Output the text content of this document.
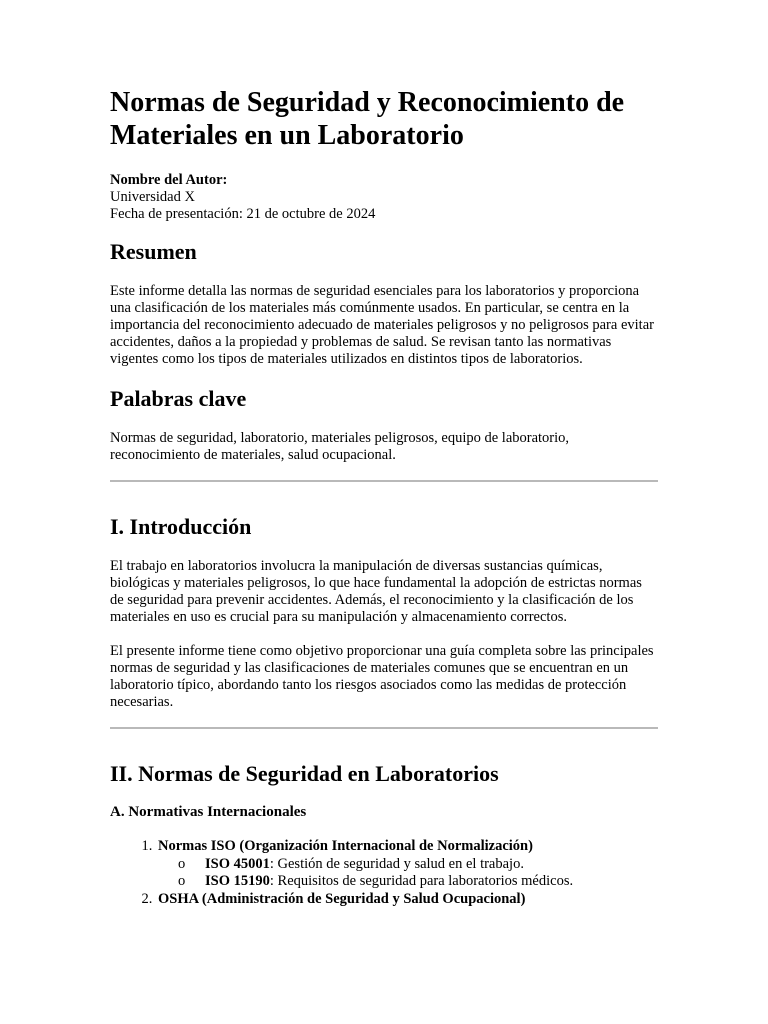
Normas de Seguridad y Reconocimiento de Materiales en un Laboratorio
Nombre del Autor:
Universidad X
Fecha de presentación: 21 de octubre de 2024
Resumen

Este informe detalla las normas de seguridad esenciales para los laboratorios y proporciona una clasificación de los materiales más comúnmente usados. En particular, se centra en la importancia del reconocimiento adecuado de materiales peligrosos y no peligrosos para evitar accidentes, daños a la propiedad y problemas de salud. Se revisan tanto las normativas vigentes como los tipos de materiales utilizados en distintos tipos de laboratorios.

Palabras clave

Normas de seguridad, laboratorio, materiales peligrosos, equipo de laboratorio, reconocimiento de materiales, salud ocupacional.

I. Introducción

El trabajo en laboratorios involucra la manipulación de diversas sustancias químicas, biológicas y materiales peligrosos, lo que hace fundamental la adopción de estrictas normas de seguridad para prevenir accidentes. Además, el reconocimiento y la clasificación de los materiales en uso es crucial para su manipulación y almacenamiento correctos.

El presente informe tiene como objetivo proporcionar una guía completa sobre las principales normas de seguridad y las clasificaciones de materiales comunes que se encuentran en un laboratorio típico, abordando tanto los riesgos asociados como las medidas de protección necesarias.

II. Normas de Seguridad en Laboratorios
A. Normativas Internacionales
1. Normas ISO (Organización Internacional de Normalización)
o ISO 45001: Gestión de seguridad y salud en el trabajo.
o ISO 15190: Requisitos de seguridad para laboratorios médicos.
2. OSHA (Administración de Seguridad y Salud Ocupacional)
